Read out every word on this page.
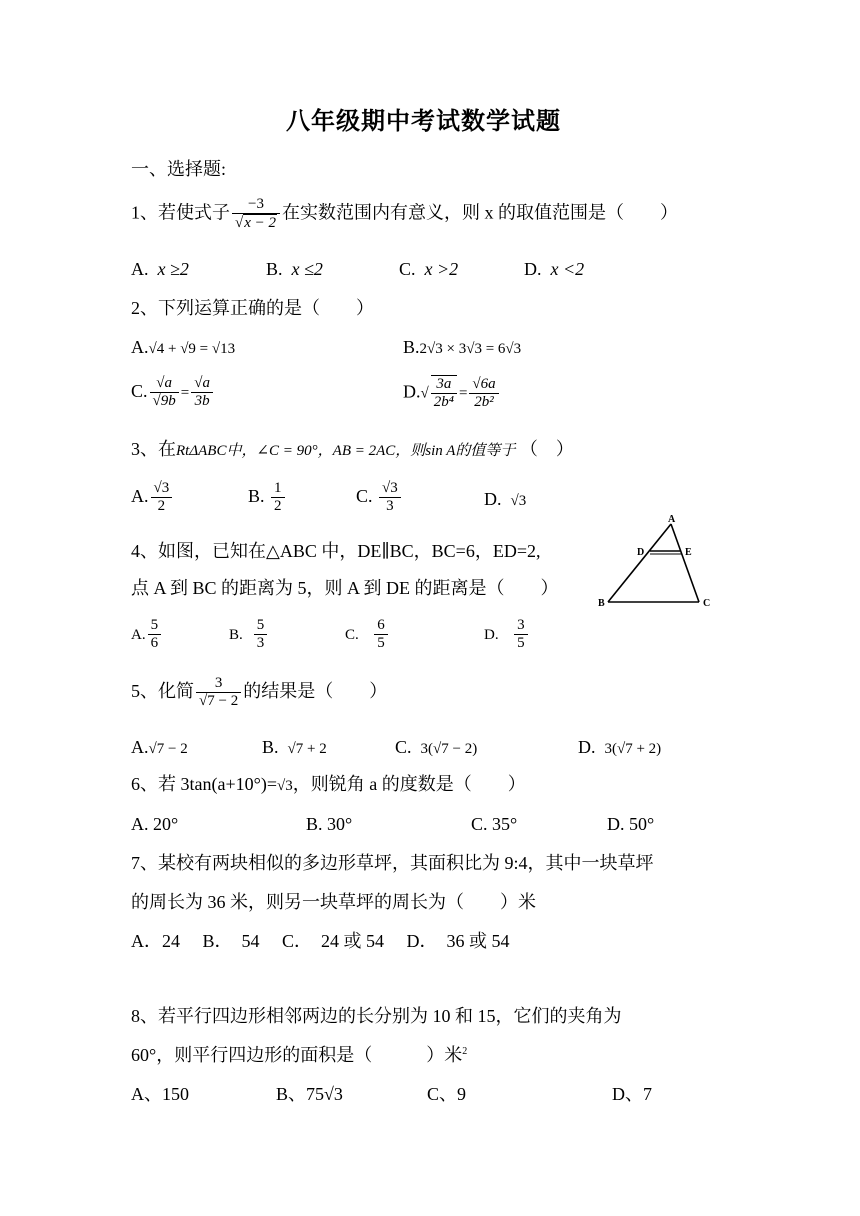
八年级期中考试数学试题
一、选择题:
1、若使式子 $\frac{-3}{√x - 2}$ 在实数范围内有意义，则 x 的取值范围是（　　）
A. x ≥2	B. x ≤2	C. x >2	D. x <2
2、下列运算正确的是（　　）
A.√4 + √9 = √13	B.2√3 × 3√3 = 6√3
C. $\frac{√a}{√9b} = \frac{√a}{3b}$	$D.√ \frac{3a}{\text{2b⁴}} = \frac{√6a}{\text{2b²}}$
3、在RtΔABC中，∠C = 90°，AB = 2AC，则sin A的值等于 （　）
A. $\frac{√3}{2}$	B. $\frac{1}{2}$	C. $\frac{√3}{3}$	D. √3
4、如图，已知在△ABC 中，DE∥BC，BC=6，ED=2,
点 A 到 BC 的距离为 5，则 A 到 DE 的距离是（　　）
A
D	E
B	C
A. $\frac{5}{6}$	B. $\frac{5}{3}$	C. $\frac{6}{5}$	D. $\frac{3}{5}$
5、化简 $\frac{3}{√7 - 2}$ 的结果是（　　）
A.√7 − 2	B. √7 + 2	C. 3(√7 − 2)	D. 3(√7 + 2)
6、若 3tan(a+10°)=√3，则锐角 a 的度数是（　　）
A. 20°	B. 30°	C. 35°	D. 50°
7、某校有两块相似的多边形草坪，其面积比为 9:4，其中一块草坪
的周长为 36 米，则另一块草坪的周长为（　　）米
A．24　 B．　54　 C．　24 或 54　 D．　36 或 54
8、若平行四边形相邻两边的长分别为 10 和 15，它们的夹角为
60°，则平行四边形的面积是（　　　）米$^2$
A、150	B、75√3	C、9	D、7
